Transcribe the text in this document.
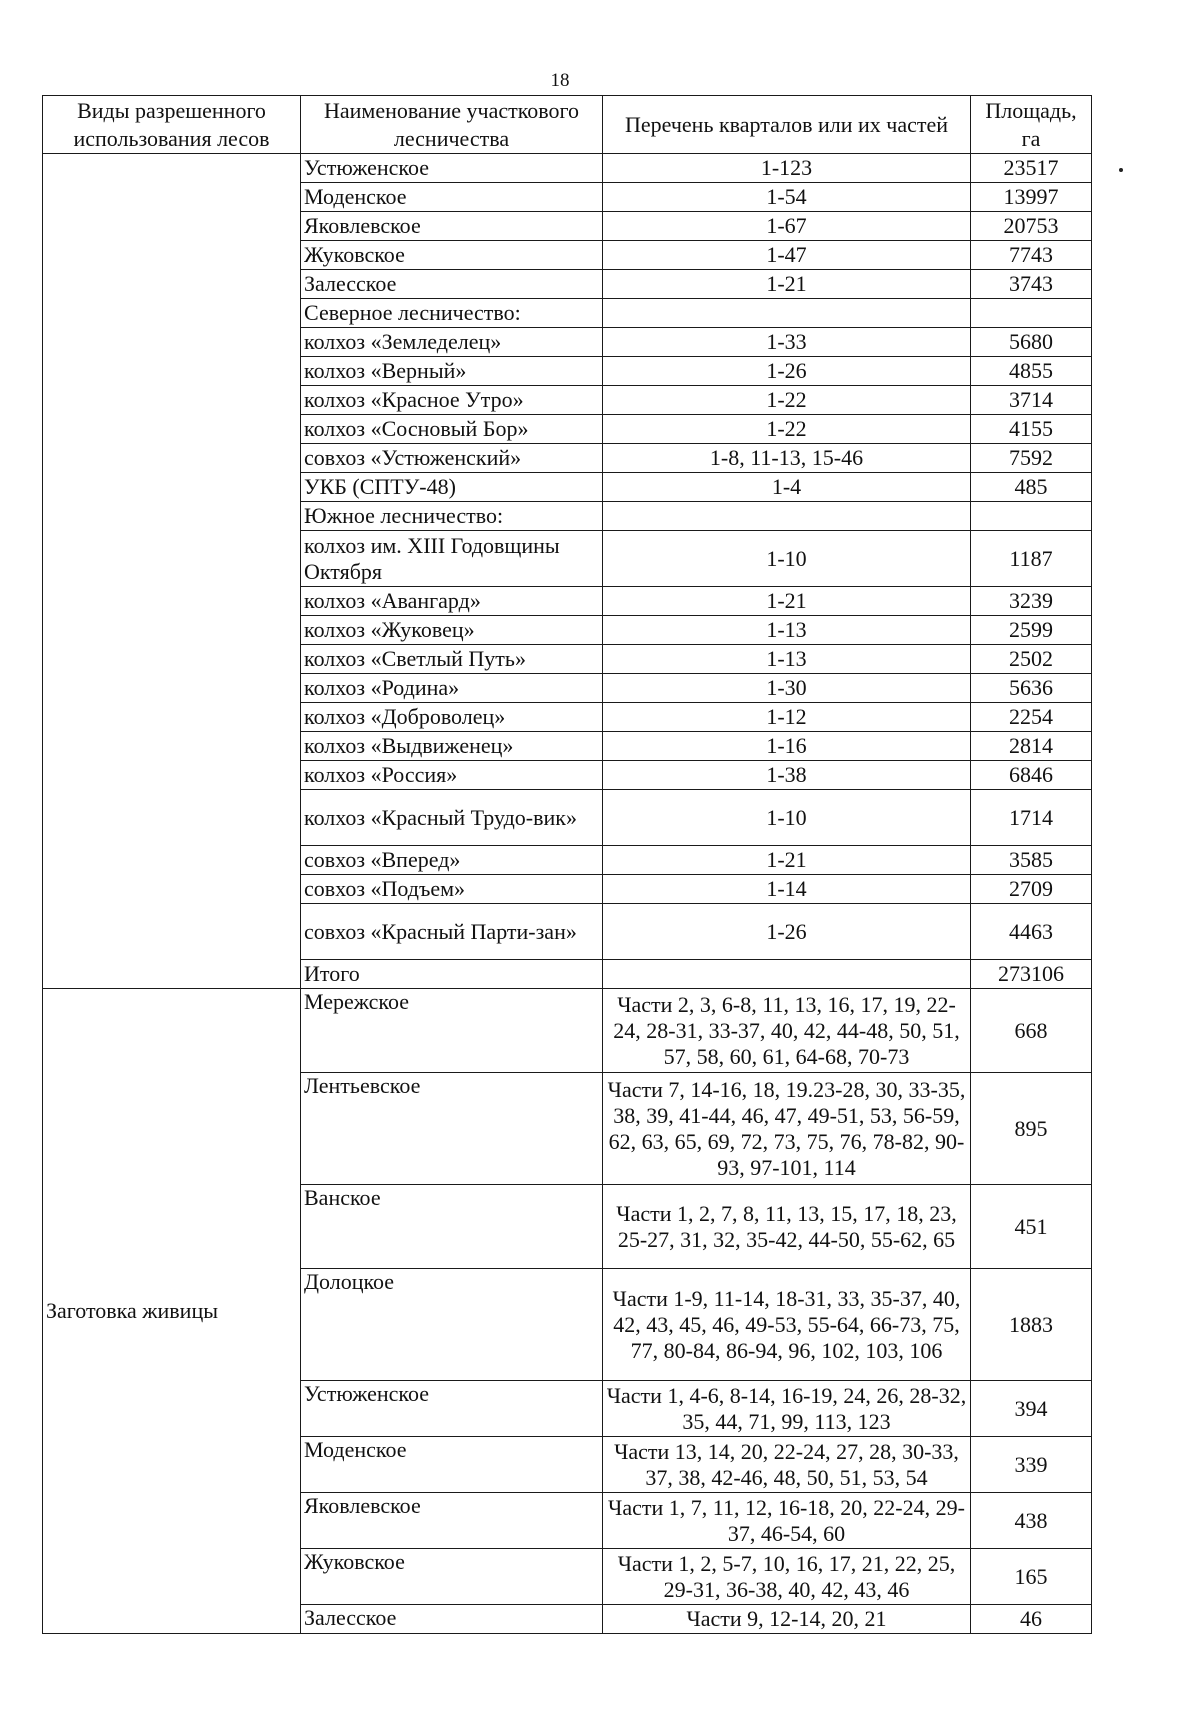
18
Виды разрешенного использования лесов	Наименование участкового лесничества	Перечень кварталов или их частей	Площадь, га
	Устюженское	1-123	23517
	Моденское	1-54	13997
	Яковлевское	1-67	20753
	Жуковское	1-47	7743
	Залесское	1-21	3743
	Северное лесничество:		
	колхоз «Земледелец»	1-33	5680
	колхоз «Верный»	1-26	4855
	колхоз «Красное Утро»	1-22	3714
	колхоз «Сосновый Бор»	1-22	4155
	совхоз «Устюженский»	1-8, 11-13, 15-46	7592
	УКБ (СПТУ-48)	1-4	485
	Южное лесничество:		
	колхоз им. XIII Годовщины Октября	1-10	1187
	колхоз «Авангард»	1-21	3239
	колхоз «Жуковец»	1-13	2599
	колхоз «Светлый Путь»	1-13	2502
	колхоз «Родина»	1-30	5636
	колхоз «Доброволец»	1-12	2254
	колхоз «Выдвиженец»	1-16	2814
	колхоз «Россия»	1-38	6846
	колхоз «Красный Трудо-вик»	1-10	1714
	совхоз «Вперед»	1-21	3585
	совхоз «Подъем»	1-14	2709
	совхоз «Красный Парти-зан»	1-26	4463
	Итого		273106
Заготовка живицы	Мережское	Части 2, 3, 6-8, 11, 13, 16, 17, 19, 22-24, 28-31, 33-37, 40, 42, 44-48, 50, 51, 57, 58, 60, 61, 64-68, 70-73	668
	Лентьевское	Части 7, 14-16, 18, 19.23-28, 30, 33-35, 38, 39, 41-44, 46, 47, 49-51, 53, 56-59, 62, 63, 65, 69, 72, 73, 75, 76, 78-82, 90-93, 97-101, 114	895
	Ванское	Части 1, 2, 7, 8, 11, 13, 15, 17, 18, 23, 25-27, 31, 32, 35-42, 44-50, 55-62, 65	451
	Долоцкое	Части 1-9, 11-14, 18-31, 33, 35-37, 40, 42, 43, 45, 46, 49-53, 55-64, 66-73, 75, 77, 80-84, 86-94, 96, 102, 103, 106	1883
	Устюженское	Части 1, 4-6, 8-14, 16-19, 24, 26, 28-32, 35, 44, 71, 99, 113, 123	394
	Моденское	Части 13, 14, 20, 22-24, 27, 28, 30-33, 37, 38, 42-46, 48, 50, 51, 53, 54	339
	Яковлевское	Части 1, 7, 11, 12, 16-18, 20, 22-24, 29-37, 46-54, 60	438
	Жуковское	Части 1, 2, 5-7, 10, 16, 17, 21, 22, 25, 29-31, 36-38, 40, 42, 43, 46	165
	Залесское	Части 9, 12-14, 20, 21	46
